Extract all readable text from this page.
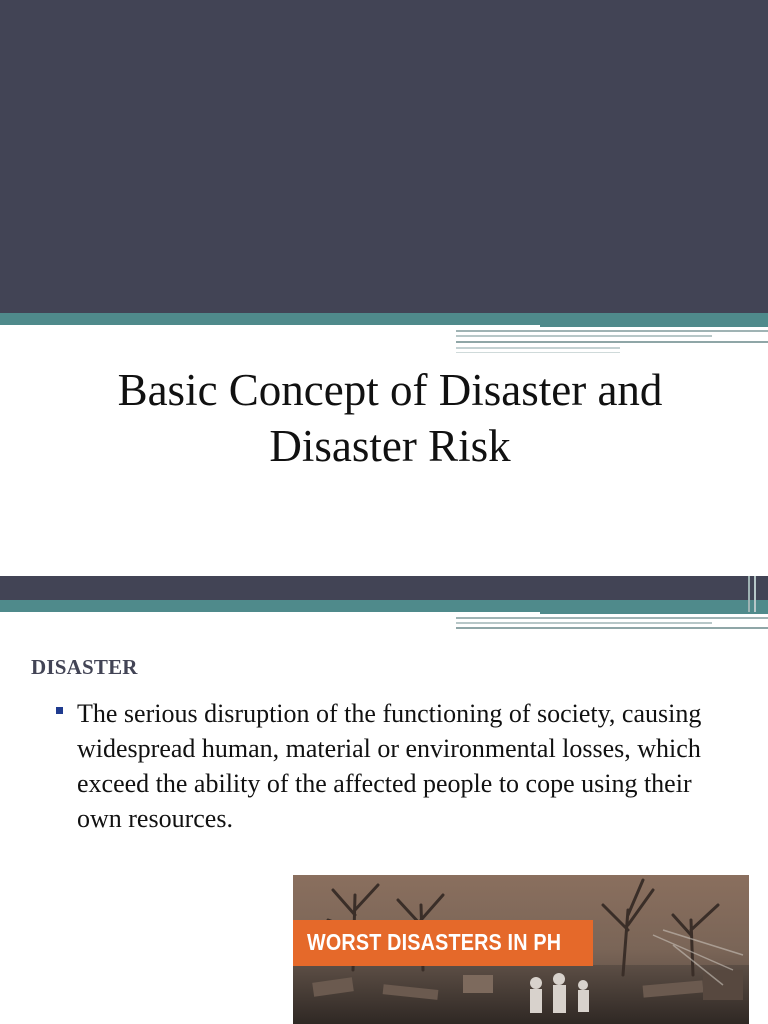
Basic Concept of Disaster and Disaster Risk
DISASTER

The serious disruption of the functioning of society, causing widespread human, material or environmental losses, which exceed the ability of the affected people to cope using their own resources.

WORST DISASTERS IN PH
